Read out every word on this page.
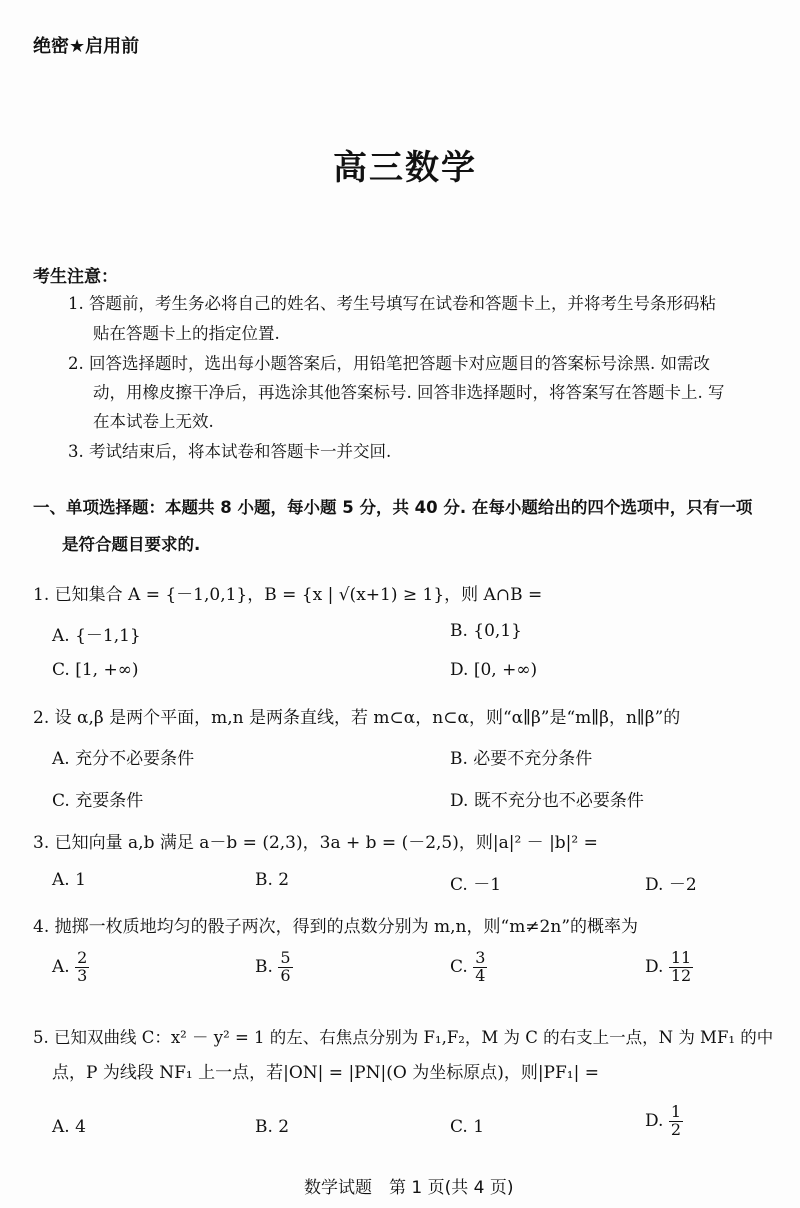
绝密★启用前
高三数学
考生注意：
1. 答题前，考生务必将自己的姓名、考生号填写在试卷和答题卡上，并将考生号条形码粘
贴在答题卡上的指定位置.
2. 回答选择题时，选出每小题答案后，用铅笔把答题卡对应题目的答案标号涂黑. 如需改
动，用橡皮擦干净后，再选涂其他答案标号. 回答非选择题时，将答案写在答题卡上. 写
在本试卷上无效.
3. 考试结束后，将本试卷和答题卡一并交回.
一、单项选择题：本题共 8 小题，每小题 5 分，共 40 分. 在每小题给出的四个选项中，只有一项
是符合题目要求的.
1. 已知集合 A = {－1,0,1}，B = {x | √(x+1) ≥ 1}，则 A∩B =
A. {－1,1}	B. {0,1}
C. [1, +∞)	D. [0, +∞)
2. 设 α,β 是两个平面，m,n 是两条直线，若 m⊂α，n⊂α，则“α∥β”是“m∥β，n∥β”的
A. 充分不必要条件	B. 必要不充分条件
C. 充要条件	D. 既不充分也不必要条件
3. 已知向量 a,b 满足 a－b = (2,3)，3a + b = (－2,5)，则|a|² － |b|² =
A. 1	B. 2	C. －1	D. －2
4. 抛掷一枚质地均匀的骰子两次，得到的点数分别为 m,n，则“m≠2n”的概率为
A. $\frac{2}{3}$	B. $\frac{5}{6}$	C. $\frac{3}{4}$	D. $\frac{11}{12}$
5. 已知双曲线 C：x² － y² = 1 的左、右焦点分别为 F₁,F₂，M 为 C 的右支上一点，N 为 MF₁ 的中
点，P 为线段 NF₁ 上一点，若|ON| = |PN|(O 为坐标原点)，则|PF₁| =
A. 4	B. 2	C. 1	D. $\frac{1}{2}$
数学试题　第 1 页(共 4 页)
